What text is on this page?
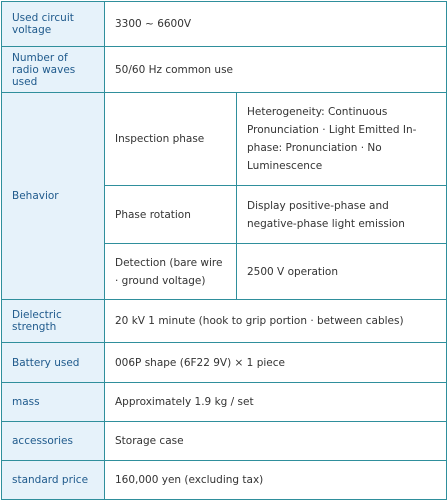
Used circuit voltage	3300 ~ 6600V	
Number of radio waves used	50/60 Hz common use	
Behavior	Inspection phase	Heterogeneity: Continuous Pronunciation · Light Emitted In-phase: Pronunciation · No Luminescence
	Phase rotation	Display positive-phase and negative-phase light emission
	Detection (bare wire · ground voltage)	2500 V operation
Dielectric strength	20 kV 1 minute (hook to grip portion · between cables)	
Battery used	006P shape (6F22 9V) × 1 piece	
mass	Approximately 1.9 kg / set	
accessories	Storage case	
standard price	160,000 yen (excluding tax)	
